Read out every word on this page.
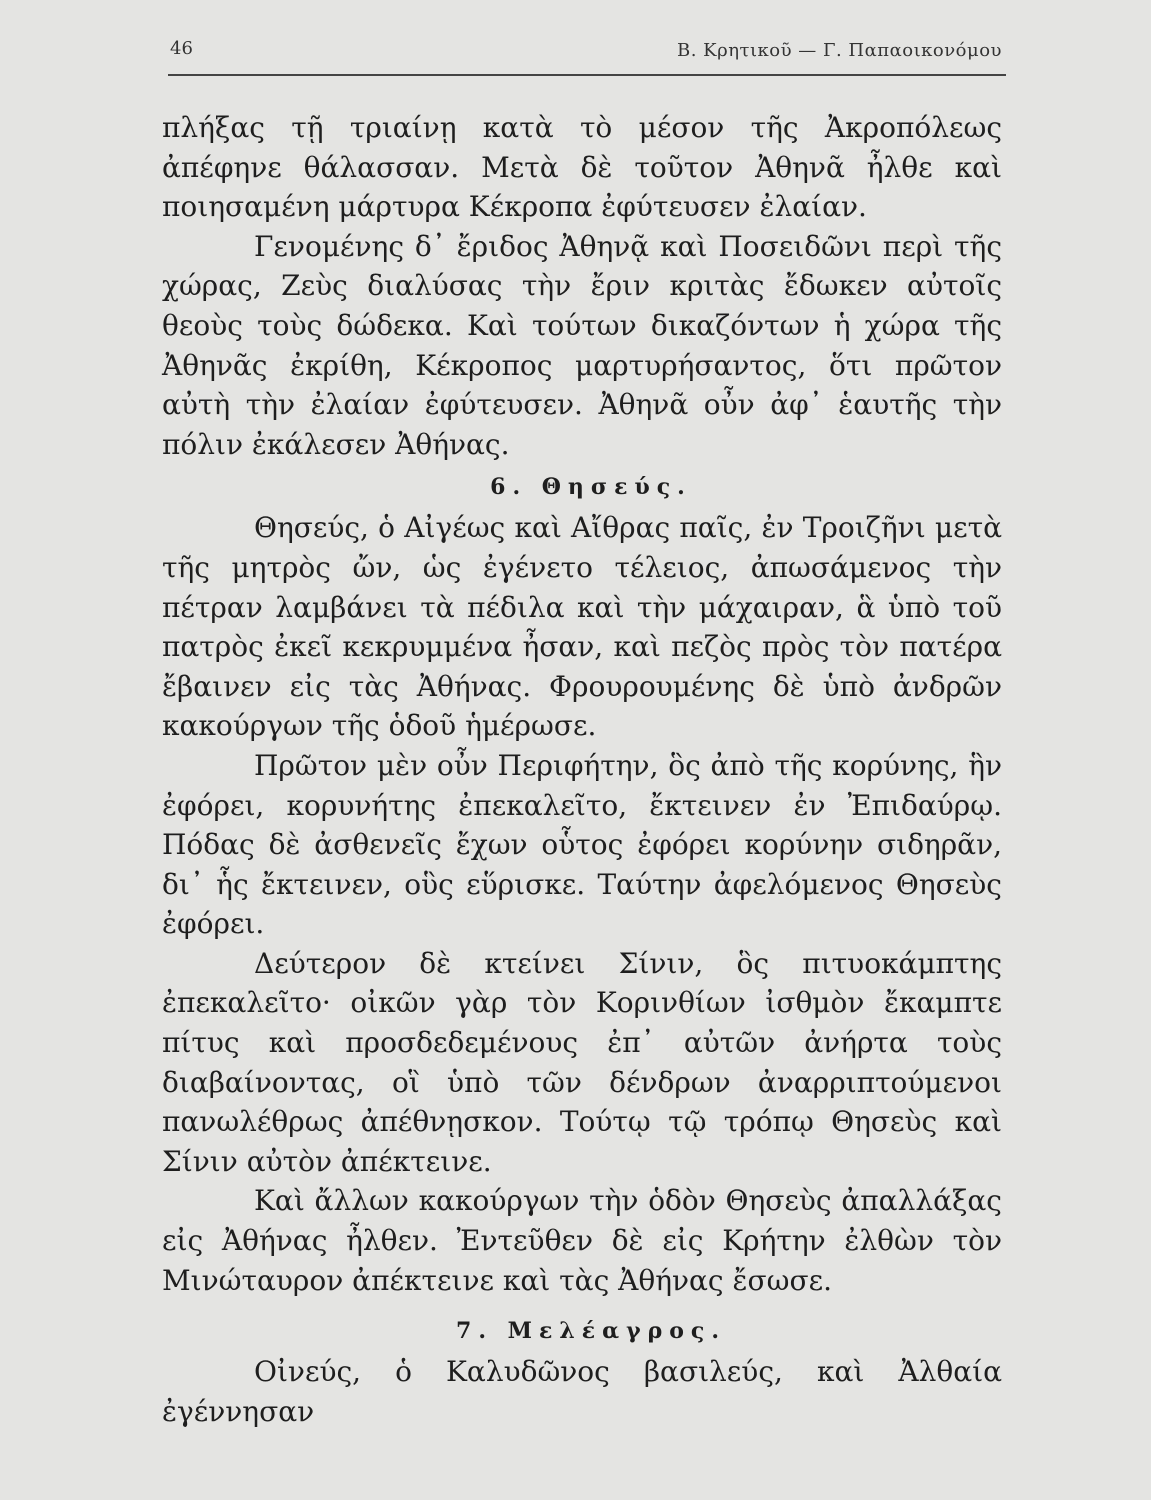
46	Β. Κρητικοῦ — Γ. Παπαοικονόμου

πλήξας τῇ τριαίνῃ κατὰ τὸ μέσον τῆς Ἀκροπόλεως ἀπέφηνε θάλασσαν. Μετὰ δὲ τοῦτον Ἀθηνᾶ ἦλθε καὶ ποιησαμένη μάρτυρα Κέκροπα ἐφύτευσεν ἐλαίαν.

Γενομένης δ᾽ ἔριδος Ἀθηνᾷ καὶ Ποσειδῶνι περὶ τῆς χώρας, Ζεὺς διαλύσας τὴν ἔριν κριτὰς ἔδωκεν αὐτοῖς θεοὺς τοὺς δώδεκα. Καὶ τούτων δικαζόντων ἡ χώρα τῆς Ἀθηνᾶς ἐκρίθη, Κέκροπος μαρτυρήσαντος, ὅτι πρῶτον αὐτὴ τὴν ἐλαίαν ἐφύτευσεν. Ἀθηνᾶ οὖν ἀφ᾽ ἑαυτῆς τὴν πόλιν ἐκάλεσεν Ἀθήνας.

6. Θησεύς.

Θησεύς, ὁ Αἰγέως καὶ Αἴθρας παῖς, ἐν Τροιζῆνι μετὰ τῆς μητρὸς ὤν, ὡς ἐγένετο τέλειος, ἀπωσάμενος τὴν πέτραν λαμβάνει τὰ πέδιλα καὶ τὴν μάχαιραν, ἃ ὑπὸ τοῦ πατρὸς ἐκεῖ κεκρυμμένα ἦσαν, καὶ πεζὸς πρὸς τὸν πατέρα ἔβαινεν εἰς τὰς Ἀθήνας. Φρουρουμένης δὲ ὑπὸ ἀνδρῶν κακούργων τῆς ὁδοῦ ἡμέρωσε.

Πρῶτον μὲν οὖν Περιφήτην, ὃς ἀπὸ τῆς κορύνης, ἣν ἐφόρει, κορυνήτης ἐπεκαλεῖτο, ἔκτεινεν ἐν Ἐπιδαύρῳ. Πόδας δὲ ἀσθενεῖς ἔχων οὗτος ἐφόρει κορύνην σιδηρᾶν, δι᾽ ἧς ἔκτεινεν, οὓς εὕρισκε. Ταύτην ἀφελόμενος Θησεὺς ἐφόρει.

Δεύτερον δὲ κτείνει Σίνιν, ὃς πιτυοκάμπτης ἐπεκαλεῖτο· οἰκῶν γὰρ τὸν Κορινθίων ἰσθμὸν ἔκαμπτε πίτυς καὶ προσδεδεμένους ἐπ᾽ αὐτῶν ἀνήρτα τοὺς διαβαίνοντας, οἳ ὑπὸ τῶν δένδρων ἀναρριπτούμενοι πανωλέθρως ἀπέθνῃσκον. Τούτῳ τῷ τρόπῳ Θησεὺς καὶ Σίνιν αὐτὸν ἀπέκτεινε.

Καὶ ἄλλων κακούργων τὴν ὁδὸν Θησεὺς ἀπαλλάξας εἰς Ἀθήνας ἦλθεν. Ἐντεῦθεν δὲ εἰς Κρήτην ἐλθὼν τὸν Μινώταυρον ἀπέκτεινε καὶ τὰς Ἀθήνας ἔσωσε.

7. Μελέαγρος.

Οἰνεύς, ὁ Καλυδῶνος βασιλεύς, καὶ Ἀλθαία ἐγέννησαν
